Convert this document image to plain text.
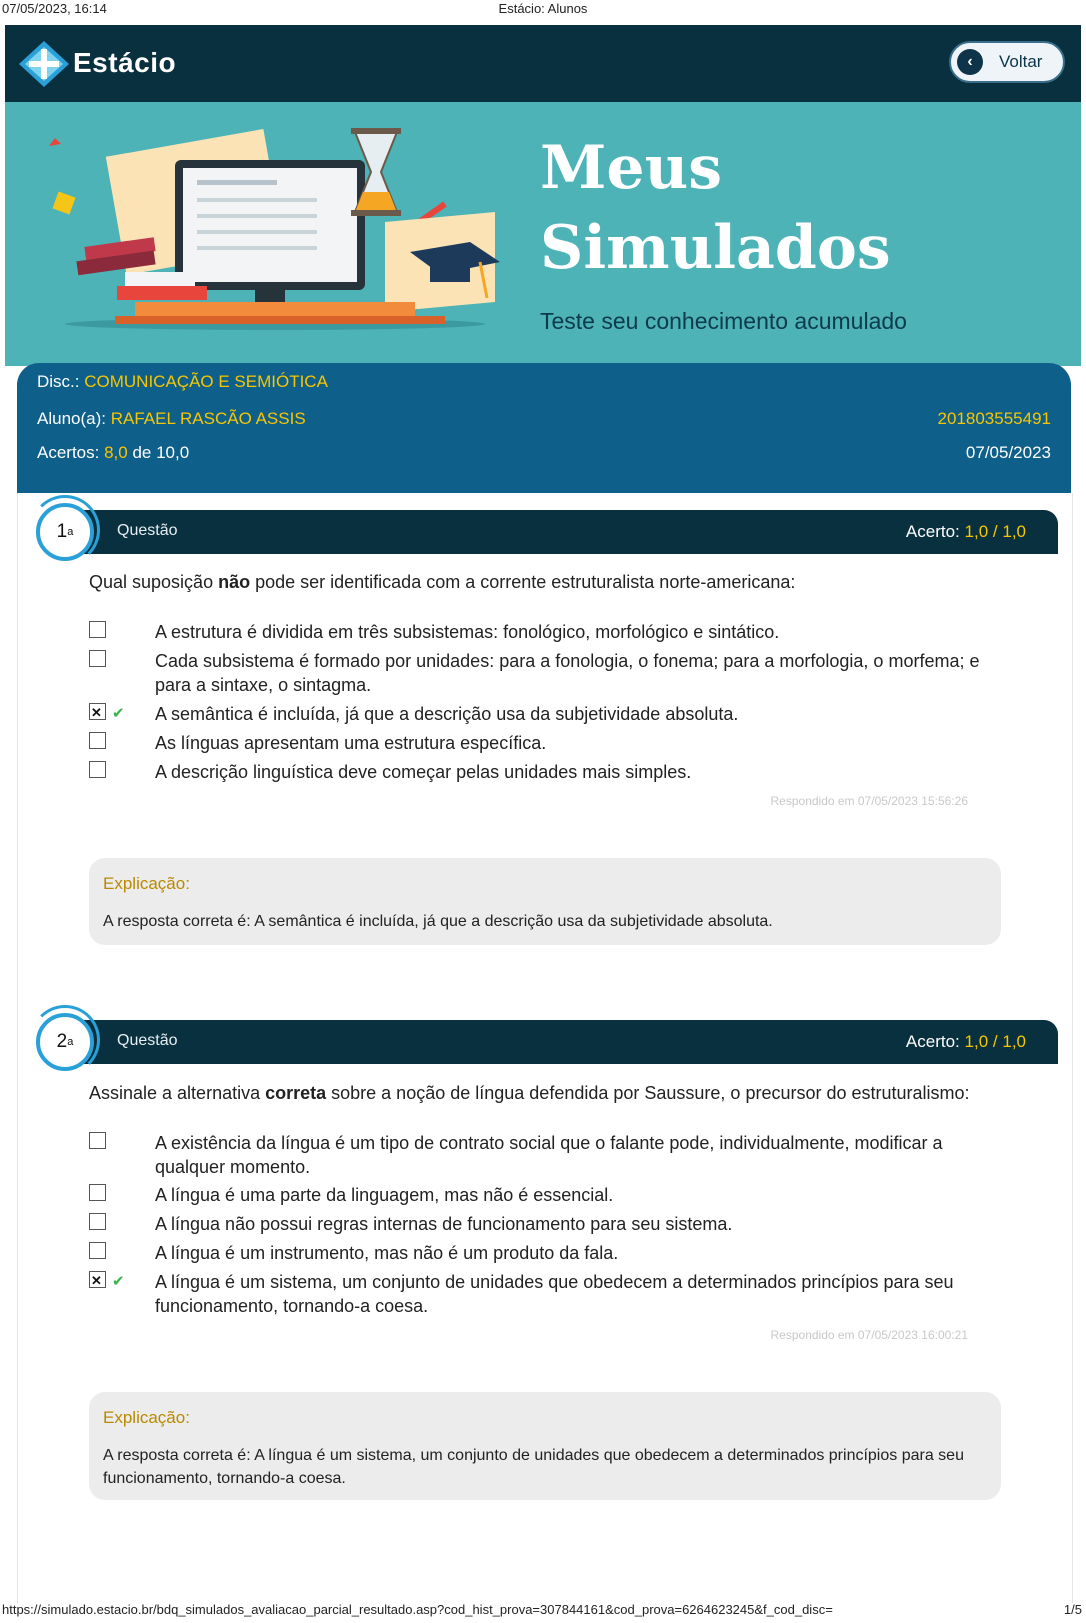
07/05/2023, 16:14	Estácio: Alunos
Estácio	‹	Voltar
Meus
Simulados
Teste seu conhecimento acumulado
Disc.: COMUNICAÇÃO E SEMIÓTICA
Aluno(a): RAFAEL RASCÃO ASSIS	201803555491
Acertos: 8,0 de 10,0	07/05/2023
Questão	Acerto: 1,0 / 1,0
1 a
Qual suposição não pode ser identificada com a corrente estruturalista norte-americana:
A estrutura é dividida em três subsistemas: fonológico, morfológico e sintático.
Cada subsistema é formado por unidades: para a fonologia, o fonema; para a morfologia, o morfema; e para a sintaxe, o sintagma.
✕
✔ A semântica é incluída, já que a descrição usa da subjetividade absoluta.
As línguas apresentam uma estrutura específica.
A descrição linguística deve começar pelas unidades mais simples.
Respondido em 07/05/2023 15:56:26
Explicação:
A resposta correta é: A semântica é incluída, já que a descrição usa da subjetividade absoluta.
Questão	Acerto: 1,0 / 1,0
2 a
Assinale a alternativa correta sobre a noção de língua defendida por Saussure, o precursor do estruturalismo:
A existência da língua é um tipo de contrato social que o falante pode, individualmente, modificar a qualquer momento.
A língua é uma parte da linguagem, mas não é essencial.
A língua não possui regras internas de funcionamento para seu sistema.
A língua é um instrumento, mas não é um produto da fala.
✕
✔ A língua é um sistema, um conjunto de unidades que obedecem a determinados princípios para seu funcionamento, tornando-a coesa.
Respondido em 07/05/2023 16:00:21
Explicação:
A resposta correta é: A língua é um sistema, um conjunto de unidades que obedecem a determinados princípios para seu funcionamento, tornando-a coesa.
https://simulado.estacio.br/bdq_simulados_avaliacao_parcial_resultado.asp?cod_hist_prova=307844161&cod_prova=6264623245&f_cod_disc=	1/5
